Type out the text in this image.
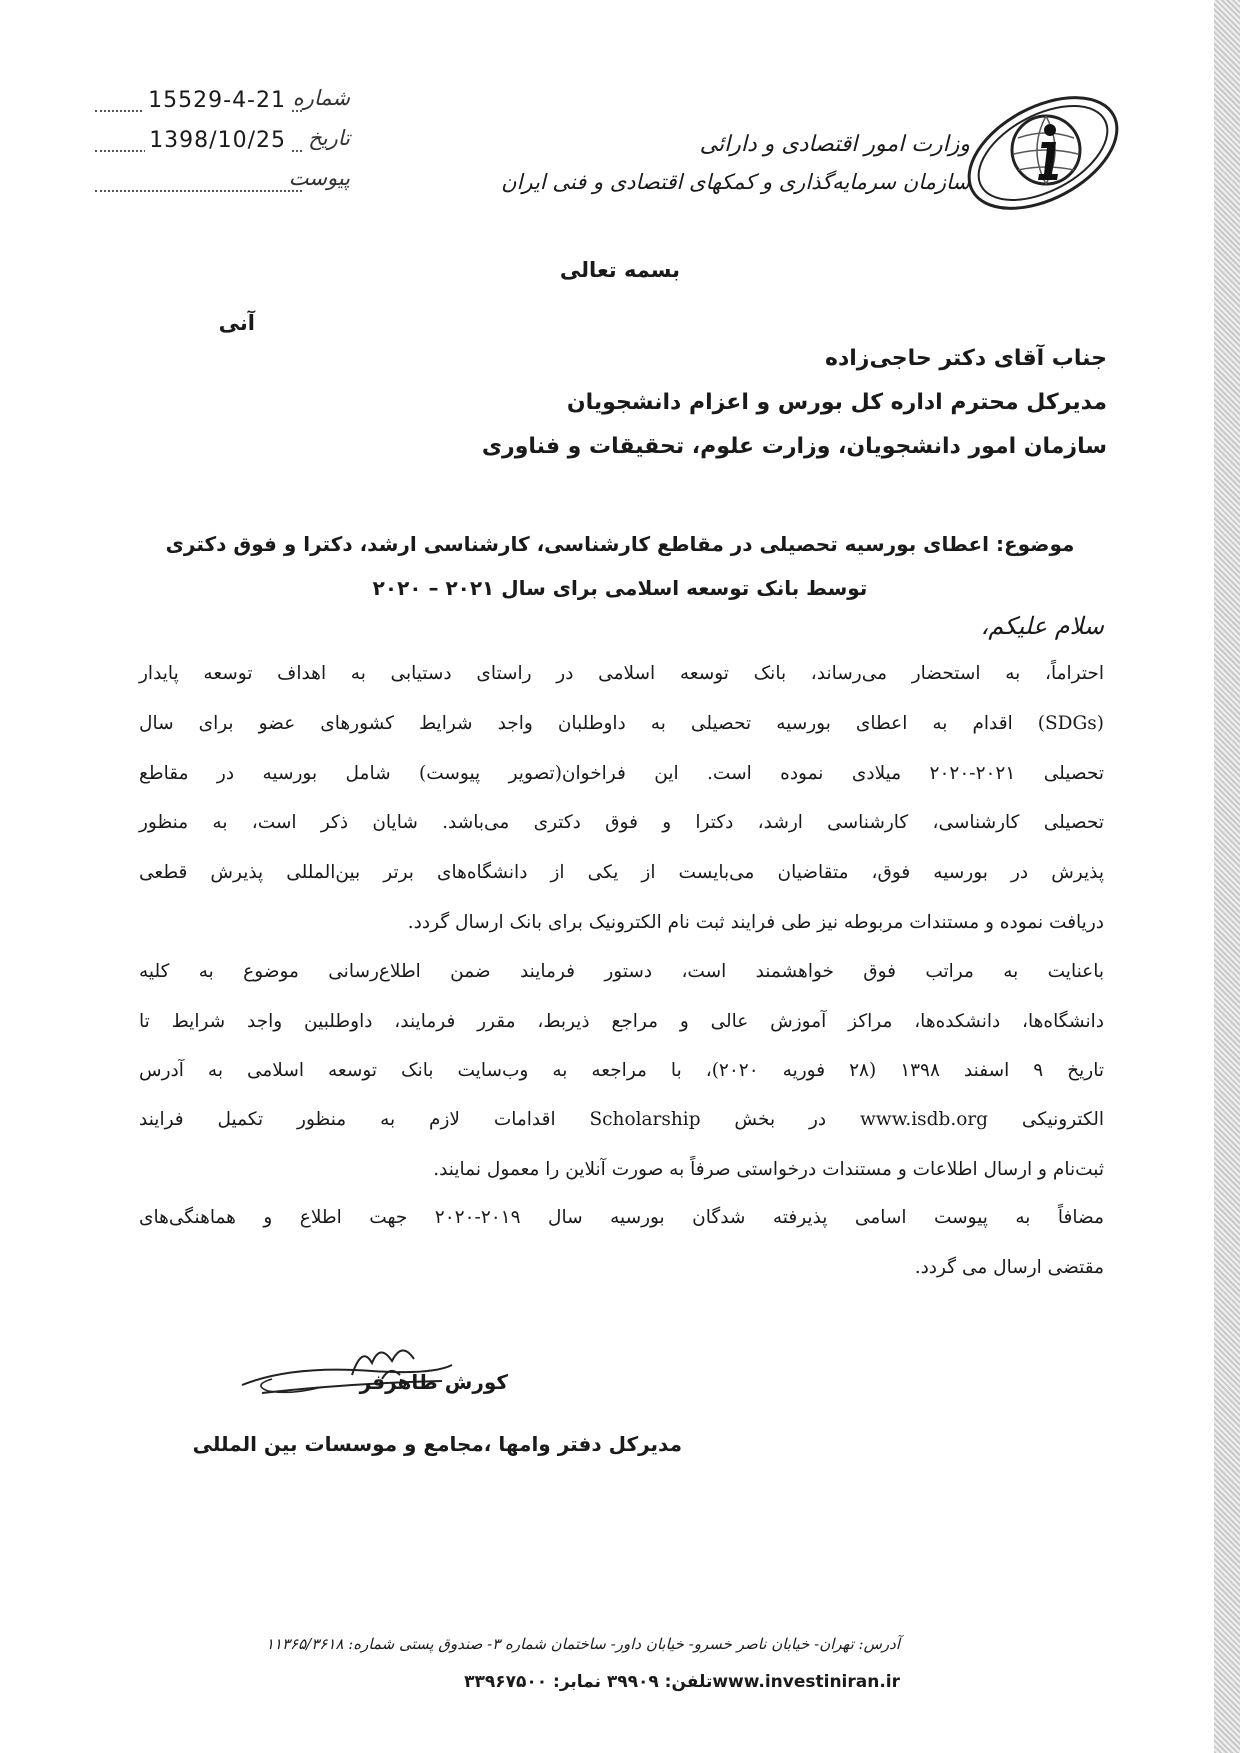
شماره
15529-4-21
تاریخ
1398/10/25
پیوست
وزارت امور اقتصادی و دارائی
سازمان سرمایه‌گذاری و کمکهای اقتصادی و فنی ایران
بسمه تعالی
آنی
جناب آقای دکتر حاجی‌زاده
مدیرکل محترم اداره کل بورس و اعزام دانشجویان
سازمان امور دانشجویان، وزارت علوم، تحقیقات و فناوری
موضوع: اعطای بورسیه تحصیلی در مقاطع کارشناسی، کارشناسی ارشد، دکترا و فوق دکتری
توسط بانک توسعه اسلامی برای سال ۲۰۲۱ – ۲۰۲۰
سلام علیکم،
احتراماً، به استحضار می‌رساند، بانک توسعه اسلامی در راستای دستیابی به اهداف توسعه پایدار
(SDGs) اقدام به اعطای بورسیه تحصیلی به داوطلبان واجد شرایط کشورهای عضو برای سال
تحصیلی ۲۰۲۱-۲۰۲۰ میلادی نموده است. این فراخوان(تصویر پیوست) شامل بورسیه در مقاطع
تحصیلی کارشناسی، کارشناسی ارشد، دکترا و فوق دکتری می‌باشد. شایان ذکر است، به منظور
پذیرش در بورسیه فوق، متقاضیان می‌بایست از یکی از دانشگاه‌های برتر بین‌المللی پذیرش قطعی
دریافت نموده و مستندات مربوطه نیز طی فرایند ثبت نام الکترونیک برای بانک ارسال گردد.
باعنایت به مراتب فوق خواهشمند است، دستور فرمایند ضمن اطلاع‌رسانی موضوع به کلیه
دانشگاه‌ها، دانشکده‌ها، مراکز آموزش عالی و مراجع ذیربط، مقرر فرمایند، داوطلبین واجد شرایط تا
تاریخ ۹ اسفند ۱۳۹۸ (۲۸ فوریه ۲۰۲۰)، با مراجعه به وب‌سایت بانک توسعه اسلامی به آدرس
الکترونیکی www.isdb.org در بخش Scholarship اقدامات لازم به منظور تکمیل فرایند
ثبت‌نام و ارسال اطلاعات و مستندات درخواستی صرفاً به صورت آنلاین را معمول نمایند.
مضافاً به پیوست اسامی پذیرفته شدگان بورسیه سال ۲۰۱۹-۲۰۲۰ جهت اطلاع و هماهنگی‌های
مقتضی ارسال می گردد.
کورش طاهرفر
مدیرکل دفتر وامها ،مجامع و موسسات بین المللی
آدرس: تهران- خیابان ناصر خسرو- خیابان داور- ساختمان شماره ۳- صندوق پستی شماره: ۱۱۳۶۵/۳۶۱۸
www.investiniran.irتلفن: ۳۹۹۰۹ نمابر: ۳۳۹۶۷۵۰۰
